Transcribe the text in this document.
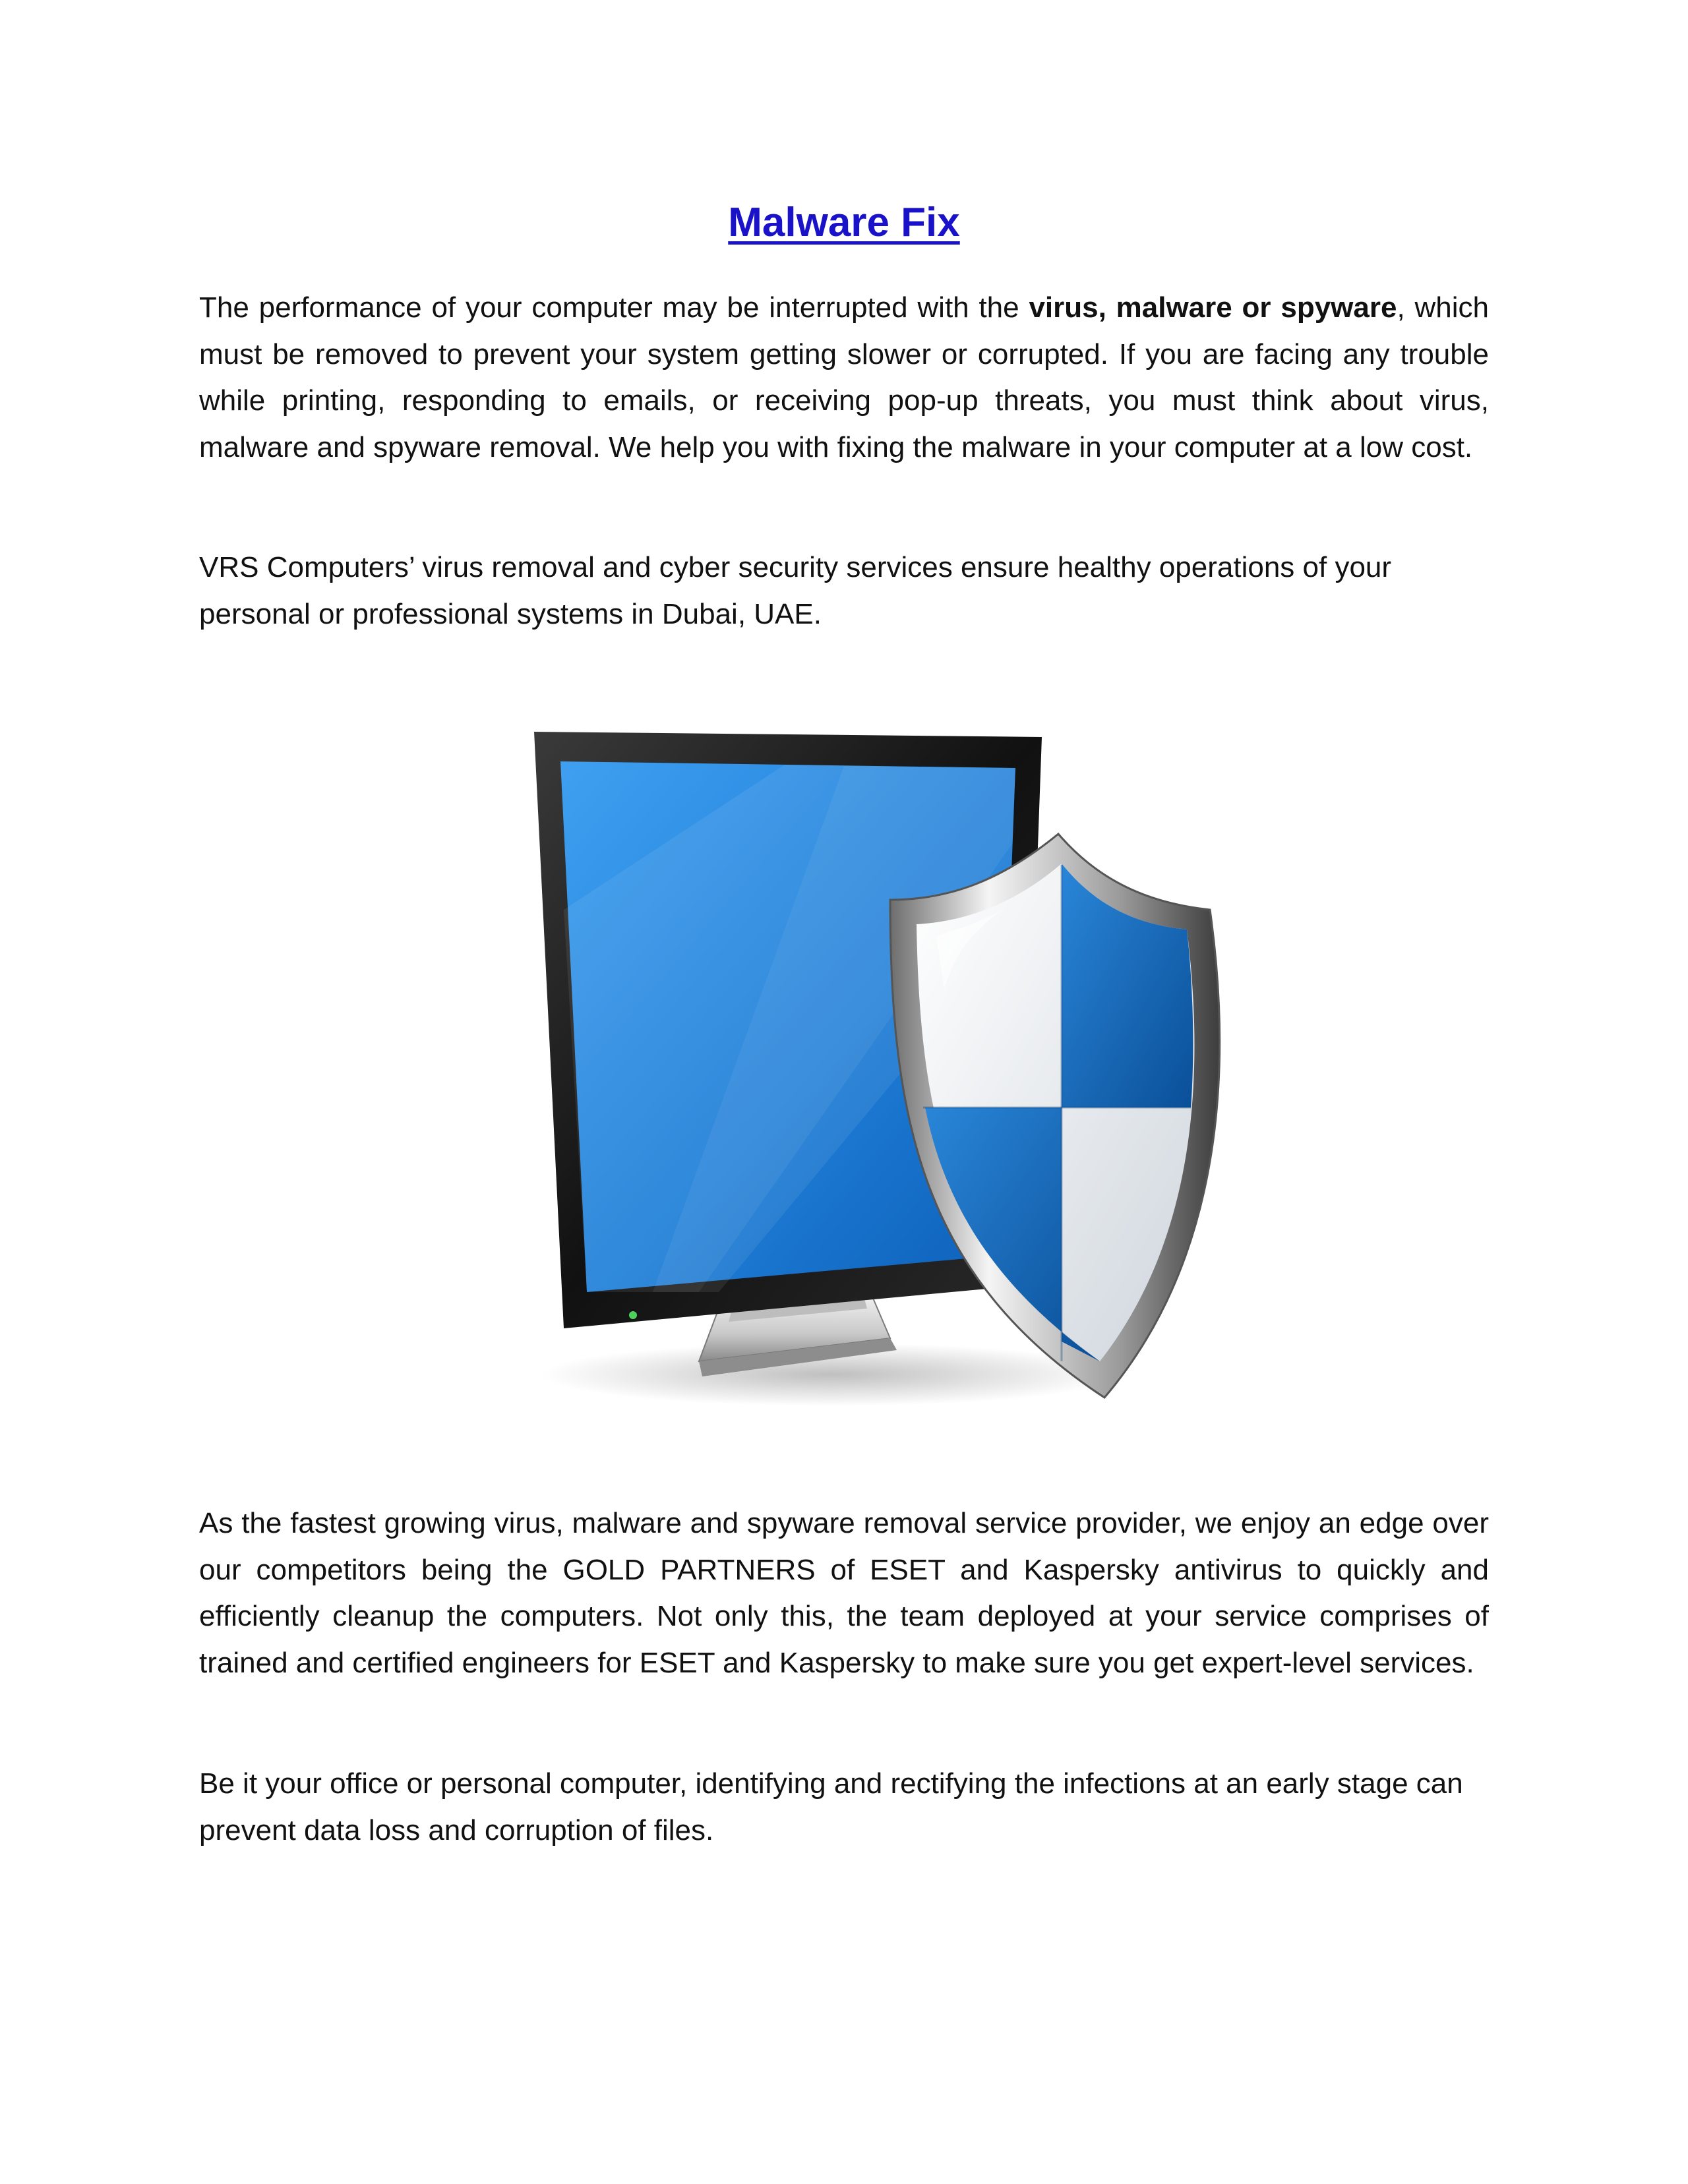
Malware Fix

The performance of your computer may be interrupted with the virus, malware or spyware, which must be removed to prevent your system getting slower or corrupted. If you are facing any trouble while printing, responding to emails, or receiving pop-up threats, you must think about virus, malware and spyware removal. We help you with fixing the malware in your computer at a low cost.

VRS Computers’ virus removal and cyber security services ensure healthy operations of your personal or professional systems in Dubai, UAE.

As the fastest growing virus, malware and spyware removal service provider, we enjoy an edge over our competitors being the GOLD PARTNERS of ESET and Kaspersky antivirus to quickly and efficiently cleanup the computers. Not only this, the team deployed at your service comprises of trained and certified engineers for ESET and Kaspersky to make sure you get expert-level services.

Be it your office or personal computer, identifying and rectifying the infections at an early stage can prevent data loss and corruption of files.
